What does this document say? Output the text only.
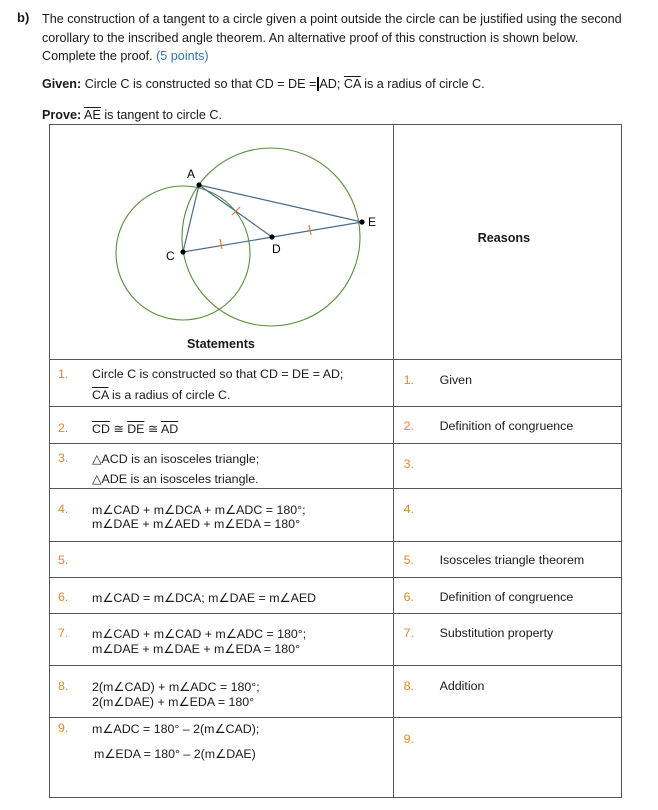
b) The construction of a tangent to a circle given a point outside the circle can be justified using the second corollary to the inscribed angle theorem. An alternative proof of this construction is shown below. Complete the proof. (5 points)
Given: Circle C is constructed so that CD = DE = AD; $\overline{CA}$ is a radius of circle C.
Prove: $\overline{AE}$ is tangent to circle C.
A
C D
E
Statements	Reasons

1. Circle C is constructed so that CD = DE = AD;
$\overline{CA}$ is a radius of circle C.	1. Given

2. $\overline{CD}$ ≅ $\overline{DE}$ ≅ $\overline{AD}$	2. Definition of congruence

3. △ACD is an isosceles triangle;
△ADE is an isosceles triangle.	3.

4. m∠CAD + m∠DCA + m∠ADC = 180°;
m∠DAE + m∠AED + m∠EDA = 180°	4.

5.	5. Isosceles triangle theorem

6. m∠CAD = m∠DCA; m∠DAE = m∠AED	6. Definition of congruence

7. m∠CAD + m∠CAD + m∠ADC = 180°;
m∠DAE + m∠DAE + m∠EDA = 180°	7. Substitution property

8. 2(m∠CAD) + m∠ADC = 180°;
2(m∠DAE) + m∠EDA = 180°	8. Addition

9. m∠ADC = 180° – 2(m∠CAD);
m∠EDA = 180° – 2(m∠DAE)	9.
